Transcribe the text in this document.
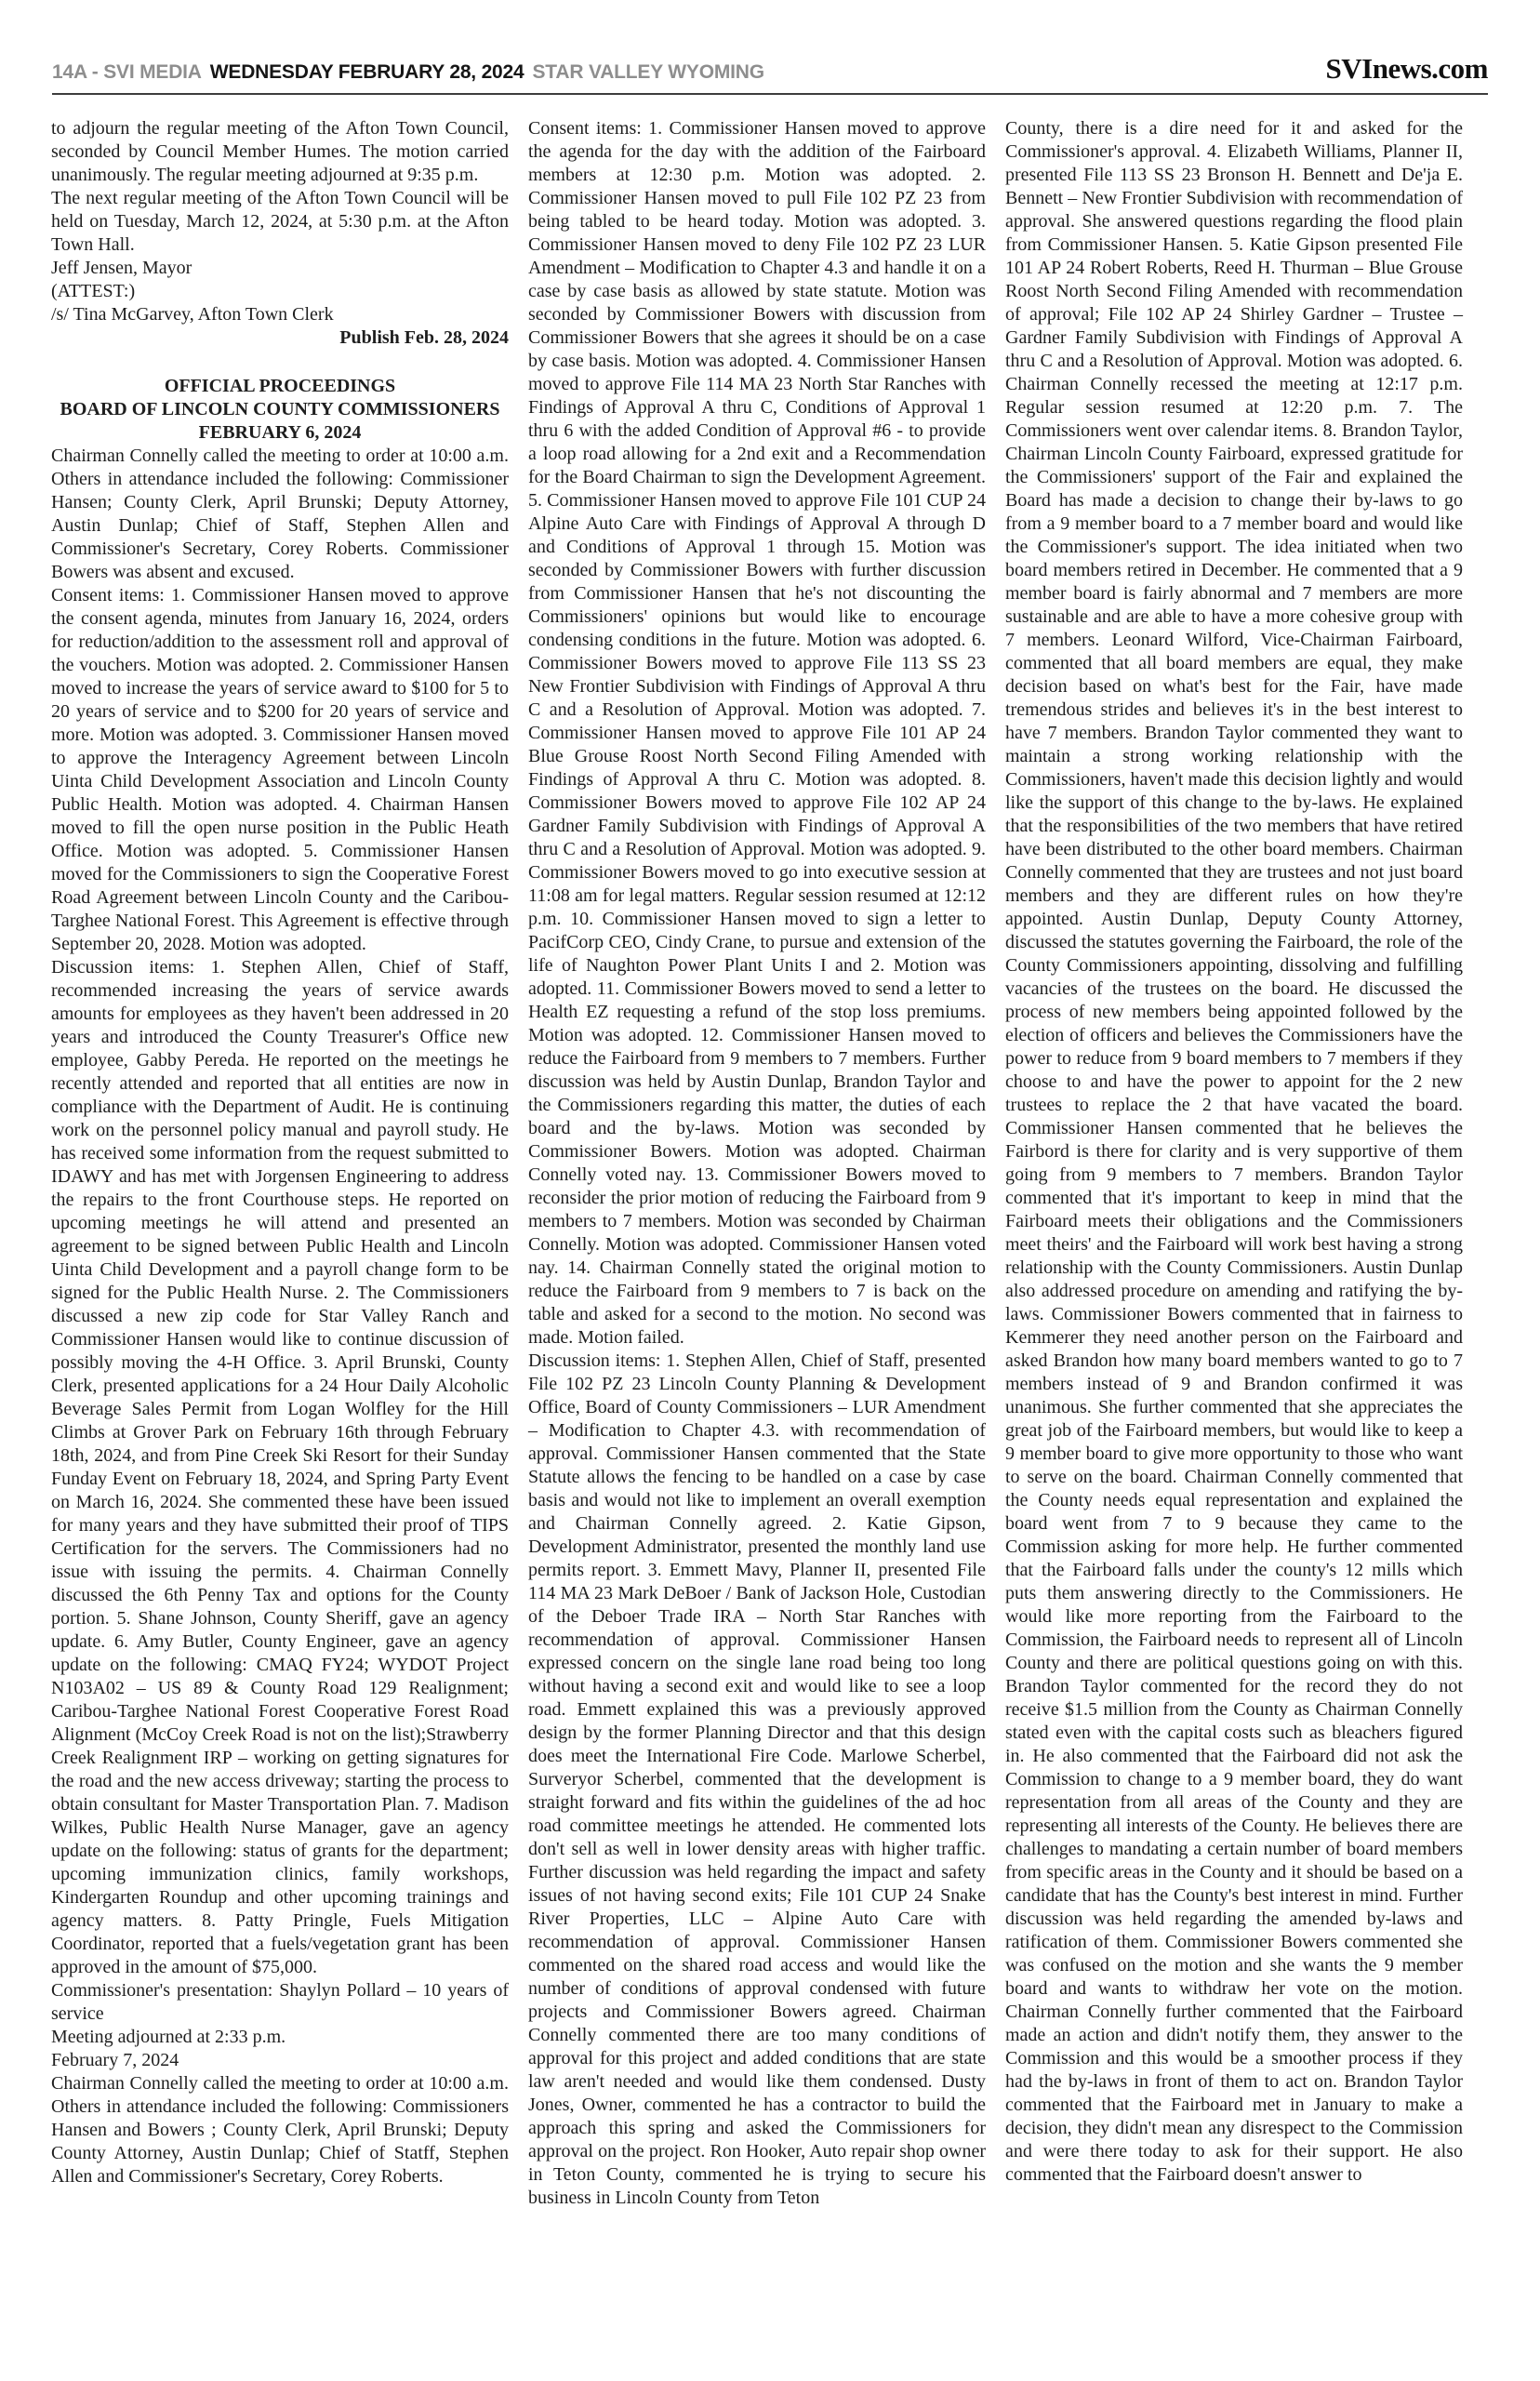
14A - SVI MEDIA WEDNESDAY FEBRUARY 28, 2024 STAR VALLEY WYOMING	SVInews.com

to adjourn the regular meeting of the Afton Town Council, seconded by Council Member Humes. The motion carried unanimously. The regular meeting adjourned at 9:35 p.m.

The next regular meeting of the Afton Town Council will be held on Tuesday, March 12, 2024, at 5:30 p.m. at the Afton Town Hall.

Jeff Jensen, Mayor

(ATTEST:)

/s/ Tina McGarvey, Afton Town Clerk

Publish Feb. 28, 2024

OFFICIAL PROCEEDINGS

BOARD OF LINCOLN COUNTY COMMISSIONERS

FEBRUARY 6, 2024

Chairman Connelly called the meeting to order at 10:00 a.m. Others in attendance included the following: Commissioner Hansen; County Clerk, April Brunski; Deputy Attorney, Austin Dunlap; Chief of Staff, Stephen Allen and Commissioner's Secretary, Corey Roberts. Commissioner Bowers was absent and excused.

Consent items: 1. Commissioner Hansen moved to approve the consent agenda, minutes from January 16, 2024, orders for reduction/addition to the assessment roll and approval of the vouchers. Motion was adopted. 2. Commissioner Hansen moved to increase the years of service award to $100 for 5 to 20 years of service and to $200 for 20 years of service and more. Motion was adopted. 3. Commissioner Hansen moved to approve the Interagency Agreement between Lincoln Uinta Child Development Association and Lincoln County Public Health. Motion was adopted. 4. Chairman Hansen moved to fill the open nurse position in the Public Heath Office. Motion was adopted. 5. Commissioner Hansen moved for the Commissioners to sign the Cooperative Forest Road Agreement between Lincoln County and the Caribou-Targhee National Forest. This Agreement is effective through September 20, 2028. Motion was adopted.

Discussion items: 1. Stephen Allen, Chief of Staff, recommended increasing the years of service awards amounts for employees as they haven't been addressed in 20 years and introduced the County Treasurer's Office new employee, Gabby Pereda. He reported on the meetings he recently attended and reported that all entities are now in compliance with the Department of Audit. He is continuing work on the personnel policy manual and payroll study. He has received some information from the request submitted to IDAWY and has met with Jorgensen Engineering to address the repairs to the front Courthouse steps. He reported on upcoming meetings he will attend and presented an agreement to be signed between Public Health and Lincoln Uinta Child Development and a payroll change form to be signed for the Public Health Nurse. 2. The Commissioners discussed a new zip code for Star Valley Ranch and Commissioner Hansen would like to continue discussion of possibly moving the 4-H Office. 3. April Brunski, County Clerk, presented applications for a 24 Hour Daily Alcoholic Beverage Sales Permit from Logan Wolfley for the Hill Climbs at Grover Park on February 16th through February 18th, 2024, and from Pine Creek Ski Resort for their Sunday Funday Event on February 18, 2024, and Spring Party Event on March 16, 2024. She commented these have been issued for many years and they have submitted their proof of TIPS Certification for the servers. The Commissioners had no issue with issuing the permits. 4. Chairman Connelly discussed the 6th Penny Tax and options for the County portion. 5. Shane Johnson, County Sheriff, gave an agency update. 6. Amy Butler, County Engineer, gave an agency update on the following: CMAQ FY24; WYDOT Project N103A02 – US 89 & County Road 129 Realignment; Caribou-Targhee National Forest Cooperative Forest Road Alignment (McCoy Creek Road is not on the list);Strawberry Creek Realignment IRP – working on getting signatures for the road and the new access driveway; starting the process to obtain consultant for Master Transportation Plan. 7. Madison Wilkes, Public Health Nurse Manager, gave an agency update on the following: status of grants for the department; upcoming immunization clinics, family workshops, Kindergarten Roundup and other upcoming trainings and agency matters. 8. Patty Pringle, Fuels Mitigation Coordinator, reported that a fuels/vegetation grant has been approved in the amount of $75,000.

Commissioner's presentation: Shaylyn Pollard – 10 years of service

Meeting adjourned at 2:33 p.m.

February 7, 2024

Chairman Connelly called the meeting to order at 10:00 a.m. Others in attendance included the following: Commissioners Hansen and Bowers ; County Clerk, April Brunski; Deputy County Attorney, Austin Dunlap; Chief of Statff, Stephen Allen and Commissioner's Secretary, Corey Roberts.

Consent items: 1. Commissioner Hansen moved to approve the agenda for the day with the addition of the Fairboard members at 12:30 p.m. Motion was adopted. 2. Commissioner Hansen moved to pull File 102 PZ 23 from being tabled to be heard today. Motion was adopted. 3. Commissioner Hansen moved to deny File 102 PZ 23 LUR Amendment – Modification to Chapter 4.3 and handle it on a case by case basis as allowed by state statute. Motion was seconded by Commissioner Bowers with discussion from Commissioner Bowers that she agrees it should be on a case by case basis. Motion was adopted. 4. Commissioner Hansen moved to approve File 114 MA 23 North Star Ranches with Findings of Approval A thru C, Conditions of Approval 1 thru 6 with the added Condition of Approval #6 - to provide a loop road allowing for a 2nd exit and a Recommendation for the Board Chairman to sign the Development Agreement. 5. Commissioner Hansen moved to approve File 101 CUP 24 Alpine Auto Care with Findings of Approval A through D and Conditions of Approval 1 through 15. Motion was seconded by Commissioner Bowers with further discussion from Commissioner Hansen that he's not discounting the Commissioners' opinions but would like to encourage condensing conditions in the future. Motion was adopted. 6. Commissioner Bowers moved to approve File 113 SS 23 New Frontier Subdivision with Findings of Approval A thru C and a Resolution of Approval. Motion was adopted. 7. Commissioner Hansen moved to approve File 101 AP 24 Blue Grouse Roost North Second Filing Amended with Findings of Approval A thru C. Motion was adopted. 8. Commissioner Bowers moved to approve File 102 AP 24 Gardner Family Subdivision with Findings of Approval A thru C and a Resolution of Approval. Motion was adopted. 9. Commissioner Bowers moved to go into executive session at 11:08 am for legal matters. Regular session resumed at 12:12 p.m. 10. Commissioner Hansen moved to sign a letter to PacifCorp CEO, Cindy Crane, to pursue and extension of the life of Naughton Power Plant Units I and 2. Motion was adopted. 11. Commissioner Bowers moved to send a letter to Health EZ requesting a refund of the stop loss premiums. Motion was adopted. 12. Commissioner Hansen moved to reduce the Fairboard from 9 members to 7 members. Further discussion was held by Austin Dunlap, Brandon Taylor and the Commissioners regarding this matter, the duties of each board and the by-laws. Motion was seconded by Commissioner Bowers. Motion was adopted. Chairman Connelly voted nay. 13. Commissioner Bowers moved to reconsider the prior motion of reducing the Fairboard from 9 members to 7 members. Motion was seconded by Chairman Connelly. Motion was adopted. Commissioner Hansen voted nay. 14. Chairman Connelly stated the original motion to reduce the Fairboard from 9 members to 7 is back on the table and asked for a second to the motion. No second was made. Motion failed.

Discussion items: 1. Stephen Allen, Chief of Staff, presented File 102 PZ 23 Lincoln County Planning & Development Office, Board of County Commissioners – LUR Amendment – Modification to Chapter 4.3. with recommendation of approval. Commissioner Hansen commented that the State Statute allows the fencing to be handled on a case by case basis and would not like to implement an overall exemption and Chairman Connelly agreed. 2. Katie Gipson, Development Administrator, presented the monthly land use permits report. 3. Emmett Mavy, Planner II, presented File 114 MA 23 Mark DeBoer / Bank of Jackson Hole, Custodian of the Deboer Trade IRA – North Star Ranches with recommendation of approval. Commissioner Hansen expressed concern on the single lane road being too long without having a second exit and would like to see a loop road. Emmett explained this was a previously approved design by the former Planning Director and that this design does meet the International Fire Code. Marlowe Scherbel, Surveryor Scherbel, commented that the development is straight forward and fits within the guidelines of the ad hoc road committee meetings he attended. He commented lots don't sell as well in lower density areas with higher traffic. Further discussion was held regarding the impact and safety issues of not having second exits; File 101 CUP 24 Snake River Properties, LLC – Alpine Auto Care with recommendation of approval. Commissioner Hansen commented on the shared road access and would like the number of conditions of approval condensed with future projects and Commissioner Bowers agreed. Chairman Connelly commented there are too many conditions of approval for this project and added conditions that are state law aren't needed and would like them condensed. Dusty Jones, Owner, commented he has a contractor to build the approach this spring and asked the Commissioners for approval on the project. Ron Hooker, Auto repair shop owner in Teton County, commented he is trying to secure his business in Lincoln County from Teton

County, there is a dire need for it and asked for the Commissioner's approval. 4. Elizabeth Williams, Planner II, presented File 113 SS 23 Bronson H. Bennett and De'ja E. Bennett – New Frontier Subdivision with recommendation of approval. She answered questions regarding the flood plain from Commissioner Hansen. 5. Katie Gipson presented File 101 AP 24 Robert Roberts, Reed H. Thurman – Blue Grouse Roost North Second Filing Amended with recommendation of approval; File 102 AP 24 Shirley Gardner – Trustee – Gardner Family Subdivision with Findings of Approval A thru C and a Resolution of Approval. Motion was adopted. 6. Chairman Connelly recessed the meeting at 12:17 p.m. Regular session resumed at 12:20 p.m. 7. The Commissioners went over calendar items. 8. Brandon Taylor, Chairman Lincoln County Fairboard, expressed gratitude for the Commissioners' support of the Fair and explained the Board has made a decision to change their by-laws to go from a 9 member board to a 7 member board and would like the Commissioner's support. The idea initiated when two board members retired in December. He commented that a 9 member board is fairly abnormal and 7 members are more sustainable and are able to have a more cohesive group with 7 members. Leonard Wilford, Vice-Chairman Fairboard, commented that all board members are equal, they make decision based on what's best for the Fair, have made tremendous strides and believes it's in the best interest to have 7 members. Brandon Taylor commented they want to maintain a strong working relationship with the Commissioners, haven't made this decision lightly and would like the support of this change to the by-laws. He explained that the responsibilities of the two members that have retired have been distributed to the other board members. Chairman Connelly commented that they are trustees and not just board members and they are different rules on how they're appointed. Austin Dunlap, Deputy County Attorney, discussed the statutes governing the Fairboard, the role of the County Commissioners appointing, dissolving and fulfilling vacancies of the trustees on the board. He discussed the process of new members being appointed followed by the election of officers and believes the Commissioners have the power to reduce from 9 board members to 7 members if they choose to and have the power to appoint for the 2 new trustees to replace the 2 that have vacated the board. Commissioner Hansen commented that he believes the Fairbord is there for clarity and is very supportive of them going from 9 members to 7 members. Brandon Taylor commented that it's important to keep in mind that the Fairboard meets their obligations and the Commissioners meet theirs' and the Fairboard will work best having a strong relationship with the County Commissioners. Austin Dunlap also addressed procedure on amending and ratifying the by-laws. Commissioner Bowers commented that in fairness to Kemmerer they need another person on the Fairboard and asked Brandon how many board members wanted to go to 7 members instead of 9 and Brandon confirmed it was unanimous. She further commented that she appreciates the great job of the Fairboard members, but would like to keep a 9 member board to give more opportunity to those who want to serve on the board. Chairman Connelly commented that the County needs equal representation and explained the board went from 7 to 9 because they came to the Commission asking for more help. He further commented that the Fairboard falls under the county's 12 mills which puts them answering directly to the Commissioners. He would like more reporting from the Fairboard to the Commission, the Fairboard needs to represent all of Lincoln County and there are political questions going on with this. Brandon Taylor commented for the record they do not receive $1.5 million from the County as Chairman Connelly stated even with the capital costs such as bleachers figured in. He also commented that the Fairboard did not ask the Commission to change to a 9 member board, they do want representation from all areas of the County and they are representing all interests of the County. He believes there are challenges to mandating a certain number of board members from specific areas in the County and it should be based on a candidate that has the County's best interest in mind. Further discussion was held regarding the amended by-laws and ratification of them. Commissioner Bowers commented she was confused on the motion and she wants the 9 member board and wants to withdraw her vote on the motion. Chairman Connelly further commented that the Fairboard made an action and didn't notify them, they answer to the Commission and this would be a smoother process if they had the by-laws in front of them to act on. Brandon Taylor commented that the Fairboard met in January to make a decision, they didn't mean any disrespect to the Commission and were there today to ask for their support. He also commented that the Fairboard doesn't answer to
